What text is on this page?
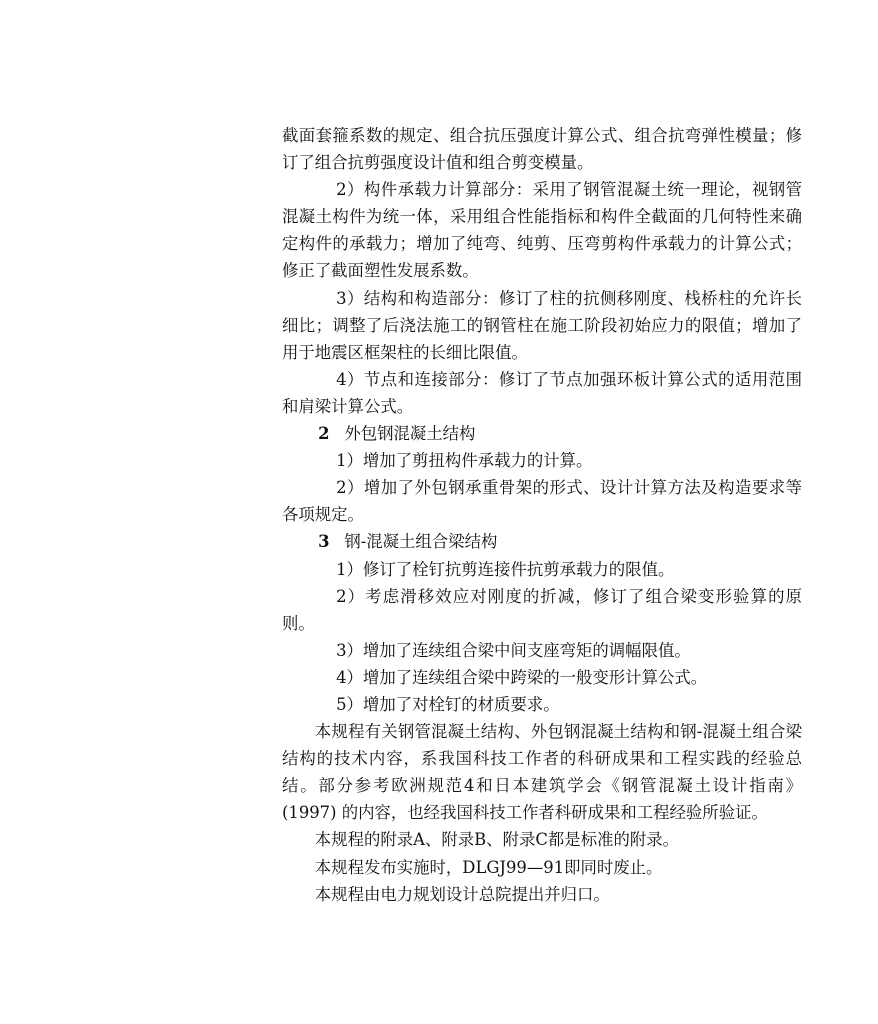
截面套箍系数的规定、组合抗压强度计算公式、组合抗弯弹性模量；修订了组合抗剪强度设计值和组合剪变模量。

2）构件承载力计算部分：采用了钢管混凝土统一理论，视钢管混凝土构件为统一体，采用组合性能指标和构件全截面的几何特性来确定构件的承载力；增加了纯弯、纯剪、压弯剪构件承载力的计算公式；修正了截面塑性发展系数。

3）结构和构造部分：修订了柱的抗侧移刚度、栈桥柱的允许长细比；调整了后浇法施工的钢管柱在施工阶段初始应力的限值；增加了用于地震区框架柱的长细比限值。

4）节点和连接部分：修订了节点加强环板计算公式的适用范围和肩梁计算公式。

2 外包钢混凝土结构

1）增加了剪扭构件承载力的计算。

2）增加了外包钢承重骨架的形式、设计计算方法及构造要求等各项规定。

3 钢-混凝土组合梁结构

1）修订了栓钉抗剪连接件抗剪承载力的限值。

2）考虑滑移效应对刚度的折减，修订了组合梁变形验算的原则。

3）增加了连续组合梁中间支座弯矩的调幅限值。

4）增加了连续组合梁中跨梁的一般变形计算公式。

5）增加了对栓钉的材质要求。

本规程有关钢管混凝土结构、外包钢混凝土结构和钢-混凝土组合梁结构的技术内容，系我国科技工作者的科研成果和工程实践的经验总结。部分参考欧洲规范4和日本建筑学会《钢管混凝土设计指南》(1997) 的内容，也经我国科技工作者科研成果和工程经验所验证。

本规程的附录A、附录B、附录C都是标准的附录。

本规程发布实施时，DLGJ99—91即同时废止。

本规程由电力规划设计总院提出并归口。
